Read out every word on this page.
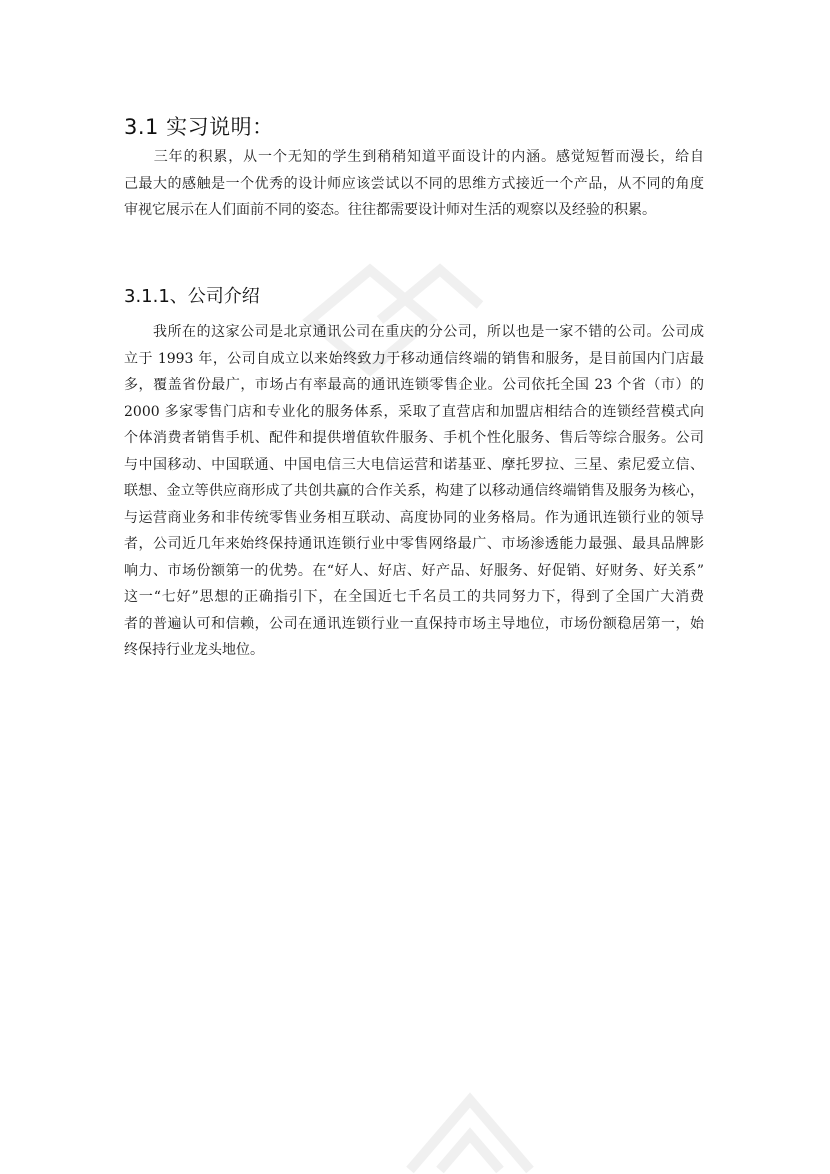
3.1 实习说明：
　　三年的积累，从一个无知的学生到稍稍知道平面设计的内涵。感觉短暂而漫长，给自
己最大的感触是一个优秀的设计师应该尝试以不同的思维方式接近一个产品，从不同的角度
审视它展示在人们面前不同的姿态。往往都需要设计师对生活的观察以及经验的积累。
3.1.1、公司介绍
　　我所在的这家公司是北京通讯公司在重庆的分公司，所以也是一家不错的公司。公司成
立于 1993 年，公司自成立以来始终致力于移动通信终端的销售和服务，是目前国内门店最
多，覆盖省份最广，市场占有率最高的通讯连锁零售企业。公司依托全国 23 个省（市）的
2000 多家零售门店和专业化的服务体系，采取了直营店和加盟店相结合的连锁经营模式向
个体消费者销售手机、配件和提供增值软件服务、手机个性化服务、售后等综合服务。公司
与中国移动、中国联通、中国电信三大电信运营和诺基亚、摩托罗拉、三星、索尼爱立信、
联想、金立等供应商形成了共创共赢的合作关系，构建了以移动通信终端销售及服务为核心，
与运营商业务和非传统零售业务相互联动、高度协同的业务格局。作为通讯连锁行业的领导
者，公司近几年来始终保持通讯连锁行业中零售网络最广、市场渗透能力最强、最具品牌影
响力、市场份额第一的优势。在“好人、好店、好产品、好服务、好促销、好财务、好关系”
这一“七好”思想的正确指引下，在全国近七千名员工的共同努力下，得到了全国广大消费
者的普遍认可和信赖，公司在通讯连锁行业一直保持市场主导地位，市场份额稳居第一，始
终保持行业龙头地位。
